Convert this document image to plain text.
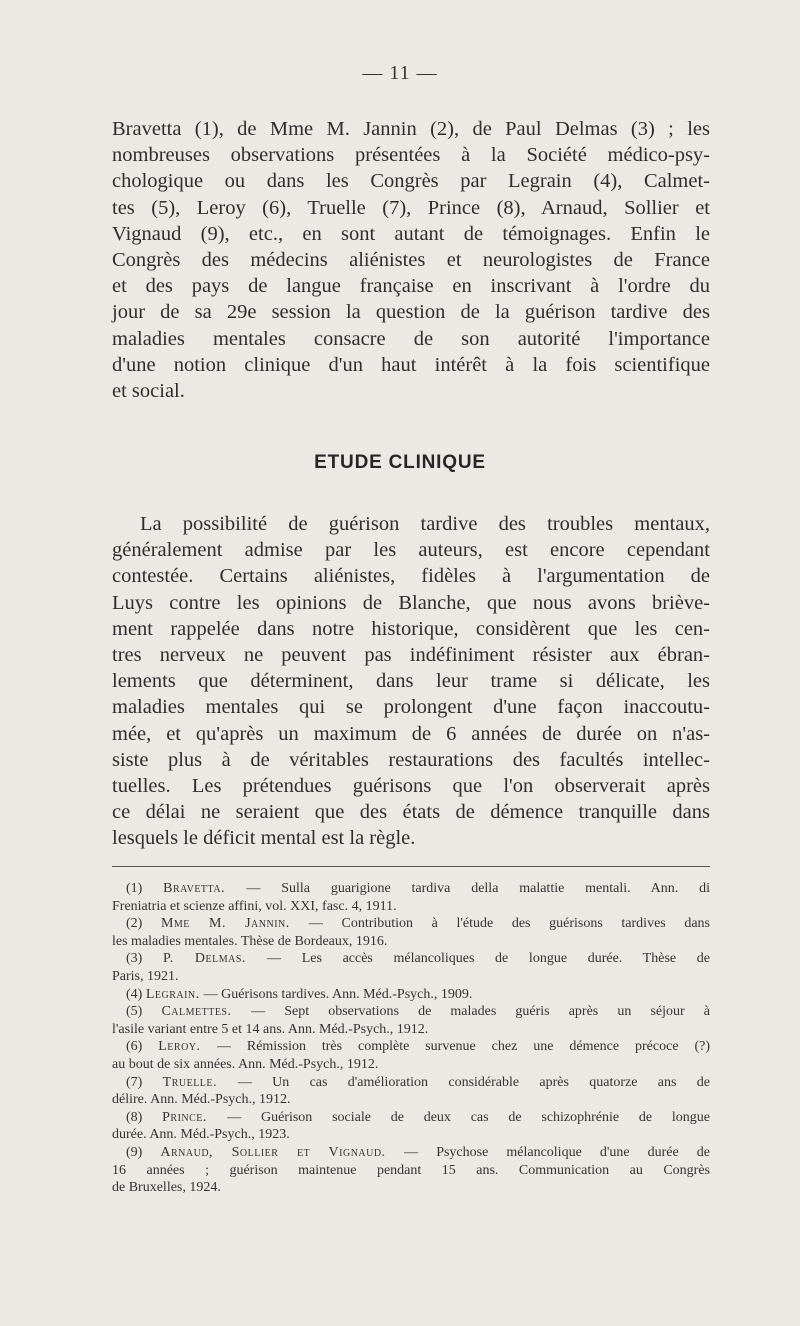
— 11 —
Bravetta (1), de Mme M. Jannin (2), de Paul Delmas (3) ; les
nombreuses observations présentées à la Société médico-psy-
chologique ou dans les Congrès par Legrain (4), Calmet-
tes (5), Leroy (6), Truelle (7), Prince (8), Arnaud, Sollier et
Vignaud (9), etc., en sont autant de témoignages. Enfin le
Congrès des médecins aliénistes et neurologistes de France
et des pays de langue française en inscrivant à l'ordre du
jour de sa 29e session la question de la guérison tardive des
maladies mentales consacre de son autorité l'importance
d'une notion clinique d'un haut intérêt à la fois scientifique
et social.
ETUDE CLINIQUE
La possibilité de guérison tardive des troubles mentaux,
généralement admise par les auteurs, est encore cependant
contestée. Certains aliénistes, fidèles à l'argumentation de
Luys contre les opinions de Blanche, que nous avons briève-
ment rappelée dans notre historique, considèrent que les cen-
tres nerveux ne peuvent pas indéfiniment résister aux ébran-
lements que déterminent, dans leur trame si délicate, les
maladies mentales qui se prolongent d'une façon inaccoutu-
mée, et qu'après un maximum de 6 années de durée on n'as-
siste plus à de véritables restaurations des facultés intellec-
tuelles. Les prétendues guérisons que l'on observerait après
ce délai ne seraient que des états de démence tranquille dans
lesquels le déficit mental est la règle.
(1) Bravetta. — Sulla guarigione tardiva della malattie mentali. Ann. di
Freniatria et scienze affini, vol. XXI, fasc. 4, 1911.
(2) Mme M. Jannin. — Contribution à l'étude des guérisons tardives dans
les maladies mentales. Thèse de Bordeaux, 1916.
(3) P. Delmas. — Les accès mélancoliques de longue durée. Thèse de
Paris, 1921.
(4) Legrain. — Guérisons tardives. Ann. Méd.-Psych., 1909.
(5) Calmettes. — Sept observations de malades guéris après un séjour à
l'asile variant entre 5 et 14 ans. Ann. Méd.-Psych., 1912.
(6) Leroy. — Rémission très complète survenue chez une démence précoce (?)
au bout de six années. Ann. Méd.-Psych., 1912.
(7) Truelle. — Un cas d'amélioration considérable après quatorze ans de
délire. Ann. Méd.-Psych., 1912.
(8) Prince. — Guérison sociale de deux cas de schizophrénie de longue
durée. Ann. Méd.-Psych., 1923.
(9) Arnaud, Sollier et Vignaud. — Psychose mélancolique d'une durée de
16 années ; guérison maintenue pendant 15 ans. Communication au Congrès
de Bruxelles, 1924.
